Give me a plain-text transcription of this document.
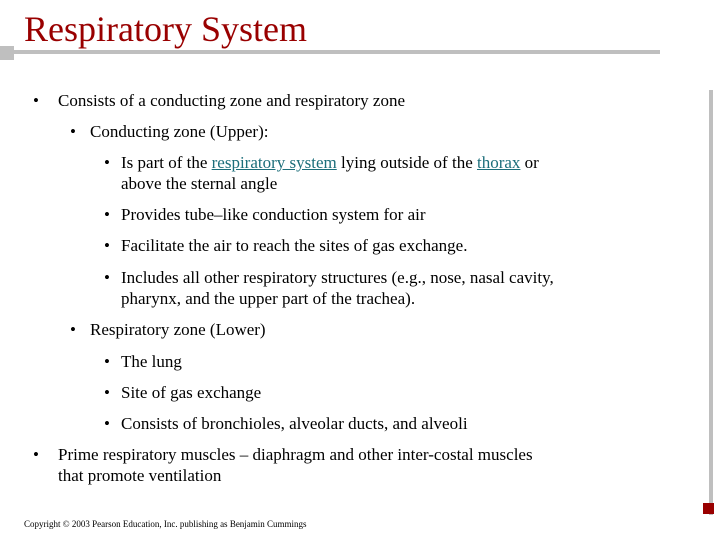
Respiratory System
• Consists of a conducting zone and respiratory zone
• Conducting zone (Upper):
• Is part of the respiratory system lying outside of the thorax or
above the sternal angle
• Provides tube–like conduction system for air
• Facilitate the air to reach the sites of gas exchange.
• Includes all other respiratory structures (e.g., nose, nasal cavity,
pharynx, and the upper part of the trachea).
• Respiratory zone (Lower)
• The lung
• Site of gas exchange
• Consists of bronchioles, alveolar ducts, and alveoli
• Prime respiratory muscles – diaphragm and other inter-costal muscles
that promote ventilation
Copyright © 2003 Pearson Education, Inc. publishing as Benjamin Cummings
